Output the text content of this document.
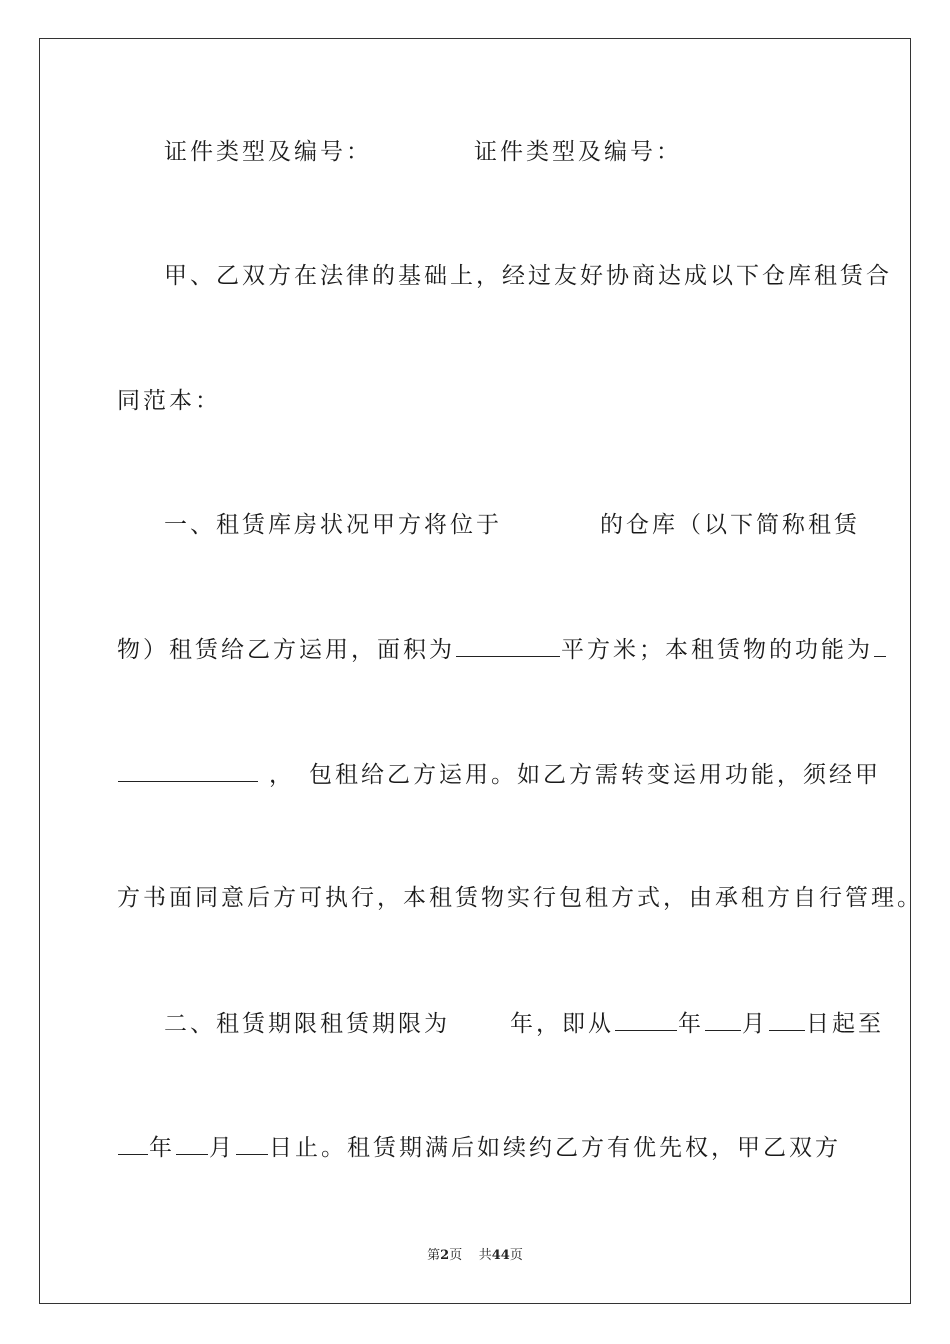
证件类型及编号：	证件类型及编号：
甲、乙双方在法律的基础上，经过友好协商达成以下仓库租赁合
同范本：
一、租赁库房状况甲方将位于	的仓库（以下简称租赁
物）租赁给乙方运用，面积为	平方米；本租赁物的功能为
， 包租给乙方运用。如乙方需转变运用功能，须经甲
方书面同意后方可执行，本租赁物实行包租方式，由承租方自行管理。
二、租赁期限租赁期限为	年，即从	年 月 日起至
年 月 日止。租赁期满后如续约乙方有优先权，甲乙双方
第2页 共44页
